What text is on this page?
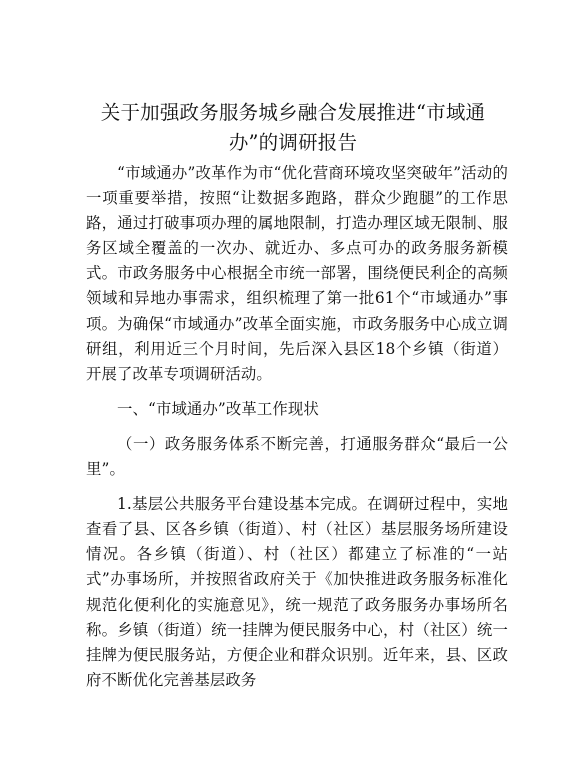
关于加强政务服务城乡融合发展推进“市域通办”的调研报告

“市域通办”改革作为市“优化营商环境攻坚突破年”活动的一项重要举措，按照“让数据多跑路，群众少跑腿”的工作思路，通过打破事项办理的属地限制，打造办理区域无限制、服务区域全覆盖的一次办、就近办、多点可办的政务服务新模式。市政务服务中心根据全市统一部署，围绕便民利企的高频领域和异地办事需求，组织梳理了第一批61个“市域通办”事项。为确保“市域通办”改革全面实施，市政务服务中心成立调研组，利用近三个月时间，先后深入县区18个乡镇（街道）开展了改革专项调研活动。

一、“市域通办”改革工作现状

（一）政务服务体系不断完善，打通服务群众“最后一公里”。

1.基层公共服务平台建设基本完成。在调研过程中，实地查看了县、区各乡镇（街道）、村（社区）基层服务场所建设情况。各乡镇（街道）、村（社区）都建立了标准的“一站式”办事场所，并按照省政府关于《加快推进政务服务标准化规范化便利化的实施意见》，统一规范了政务服务办事场所名称。乡镇（街道）统一挂牌为便民服务中心，村（社区）统一挂牌为便民服务站，方便企业和群众识别。近年来，县、区政府不断优化完善基层政务
